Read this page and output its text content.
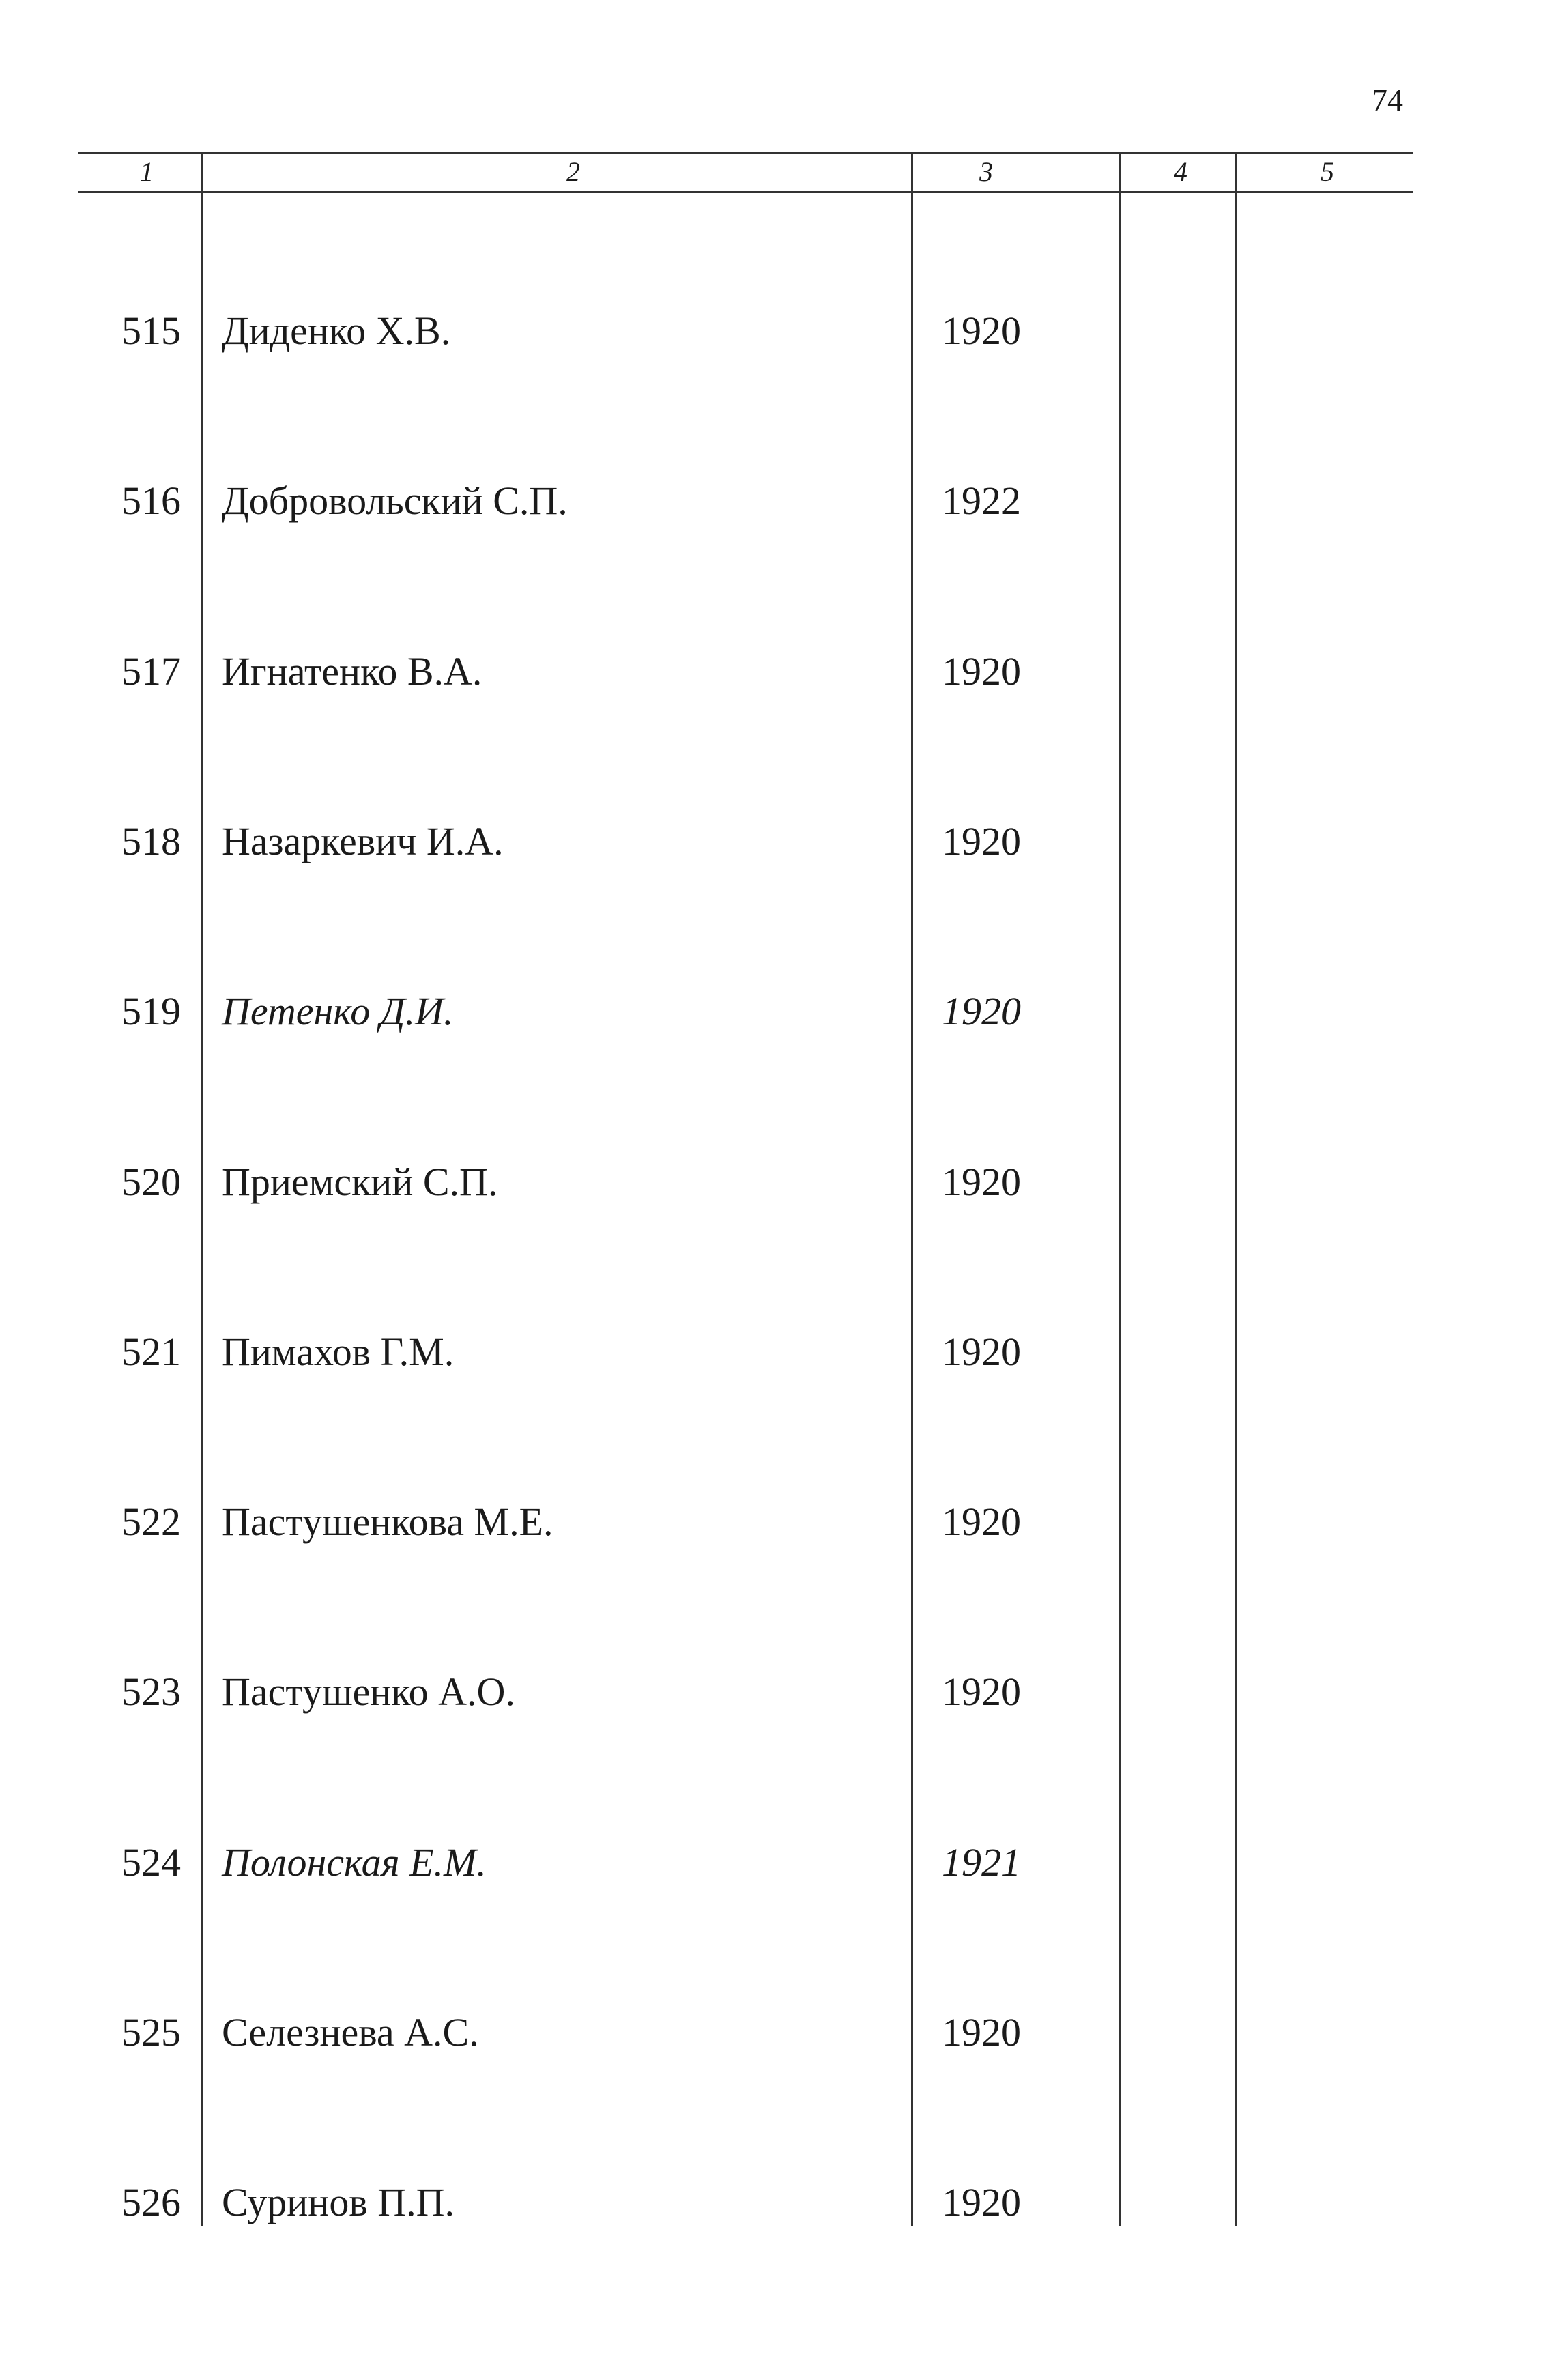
74
1	2	3	4	5
515 Диденко Х.В.	1920
516 Добровольский С.П.	1922
517 Игнатенко В.А.	1920
518 Назаркевич И.А.	1920
519 Петенко Д.И.	1920
520 Приемский С.П.	1920
521 Пимахов Г.М.	1920
522 Пастушенкова М.Е.	1920
523 Пастушенко А.О.	1920
524 Полонская Е.М.	1921
525 Селезнева А.С.	1920
526 Суринов П.П.	1920
